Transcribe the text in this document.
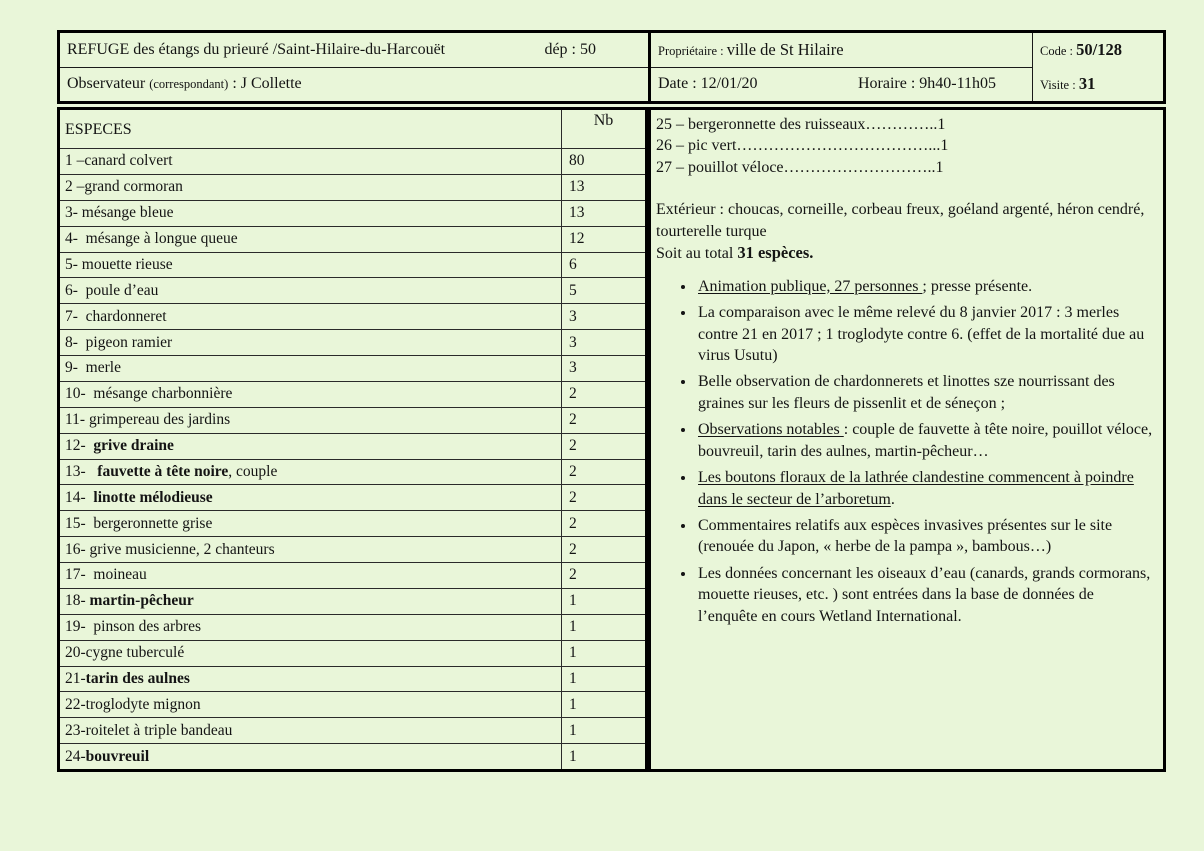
REFUGE des étangs du prieuré /Saint-Hilaire-du-Harcouët	dép : 50
Observateur (correspondant) : J Collette
Propriétaire : ville de St Hilaire
Date : 12/01/20	Horaire : 9h40-11h05
Code : 50/128
Visite : 31
ESPECES
Nb
1 –canard colvert	80
2 –grand cormoran	13
3- mésange bleue	13
4-  mésange à longue queue	12
5- mouette rieuse	6
6-  poule d’eau	5
7-  chardonneret	3
8-  pigeon ramier	3
9-  merle	3
10-  mésange charbonnière	2
11- grimpereau des jardins	2
12- grive draine	2
13- fauvette à tête noire , couple	2
14- linotte mélodieuse	2
15-  bergeronnette grise	2
16- grive musicienne, 2 chanteurs	2
17-  moineau	2
18- martin-pêcheur	1
19-  pinson des arbres	1
20-cygne tuberculé	1
21- tarin des aulnes	1
22-troglodyte mignon	1
23-roitelet à triple bandeau	1
24- bouvreuil	1
25 – bergeronnette des ruisseaux…………..1
26 – pic vert………………………………...1
27 – pouillot véloce………………………..1
Extérieur : choucas, corneille, corbeau freux, goéland argenté, héron cendré, tourterelle turque
Soit au total 31 espèces.
• Animation publique, 27 personnes ; presse présente.
• La comparaison avec le même relevé du 8 janvier 2017 : 3 merles contre 21 en 2017 ; 1 troglodyte contre 6. (effet de la mortalité due au virus Usutu)
• Belle observation de chardonnerets et linottes sze nourrissant des graines sur les fleurs de pissenlit et de séneçon ;
• Observations notables : couple de fauvette à tête noire, pouillot véloce, bouvreuil, tarin des aulnes, martin-pêcheur…
• Les boutons floraux de la lathrée clandestine commencent à poindre dans le secteur de l’arboretum.
• Commentaires relatifs aux espèces invasives présentes sur le site (renouée du Japon, « herbe de la pampa », bambous…)
• Les données concernant les oiseaux d’eau (canards, grands cormorans, mouette rieuses, etc. ) sont entrées dans la base de données de l’enquête en cours Wetland International.
